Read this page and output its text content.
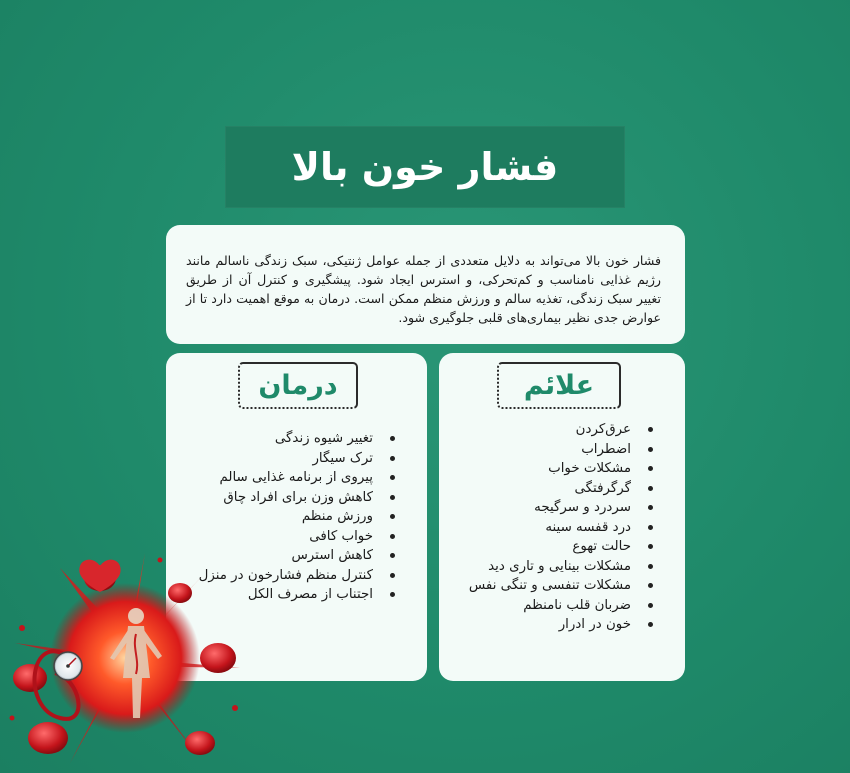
فشار خون بالا

فشار خون بالا می‌تواند به دلایل متعددی از جمله عوامل ژنتیکی، سبک زندگی ناسالم مانند رژیم غذایی نامناسب و کم‌تحرکی، و استرس ایجاد شود. پیشگیری و کنترل آن از طریق تغییر سبک زندگی، تغذیه سالم و ورزش منظم ممکن است. درمان به موقع اهمیت دارد تا از عوارض جدی نظیر بیماری‌های قلبی جلوگیری شود.

درمان
تغییر شیوه زندگی
ترک سیگار
پیروی از برنامه غذایی سالم
کاهش وزن برای افراد چاق
ورزش منظم
خواب کافی
کاهش استرس
کنترل منظم فشارخون در منزل
اجتناب از مصرف الکل
علائم
عرق‌کردن
اضطراب
مشکلات خواب
گرگرفتگی
سردرد و سرگیجه
درد قفسه سینه
حالت تهوع
مشکلات بینایی و تاری دید
مشکلات تنفسی و تنگی نفس
ضربان قلب نامنظم
خون در ادرار
